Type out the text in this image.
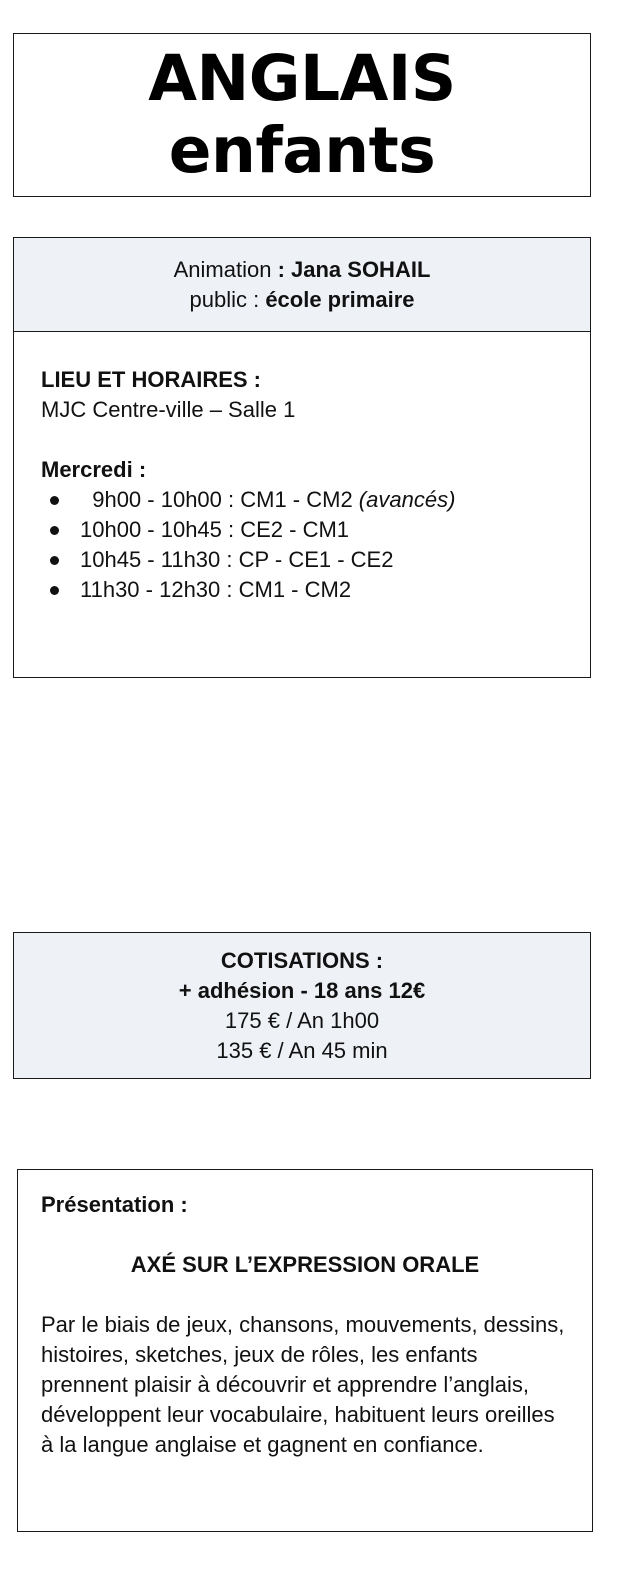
ANGLAIS
enfants
Animation : Jana SOHAIL
public : école primaire
LIEU ET HORAIRES :
MJC Centre-ville – Salle 1
Mercredi :
9h00 - 10h00 : CM1 - CM2 (avancés)
10h00 - 10h45 : CE2 - CM1
10h45 - 11h30 : CP - CE1 - CE2
11h30 - 12h30 : CM1 - CM2
COTISATIONS :
+ adhésion - 18 ans 12€
175 € / An 1h00
135 € / An 45 min
Présentation :
AXÉ SUR L’EXPRESSION ORALE
Par le biais de jeux, chansons, mouvements, dessins, histoires, sketches, jeux de rôles, les enfants prennent plaisir à découvrir et apprendre l’anglais, développent leur vocabulaire, habituent leurs oreilles à la langue anglaise et gagnent en confiance.
